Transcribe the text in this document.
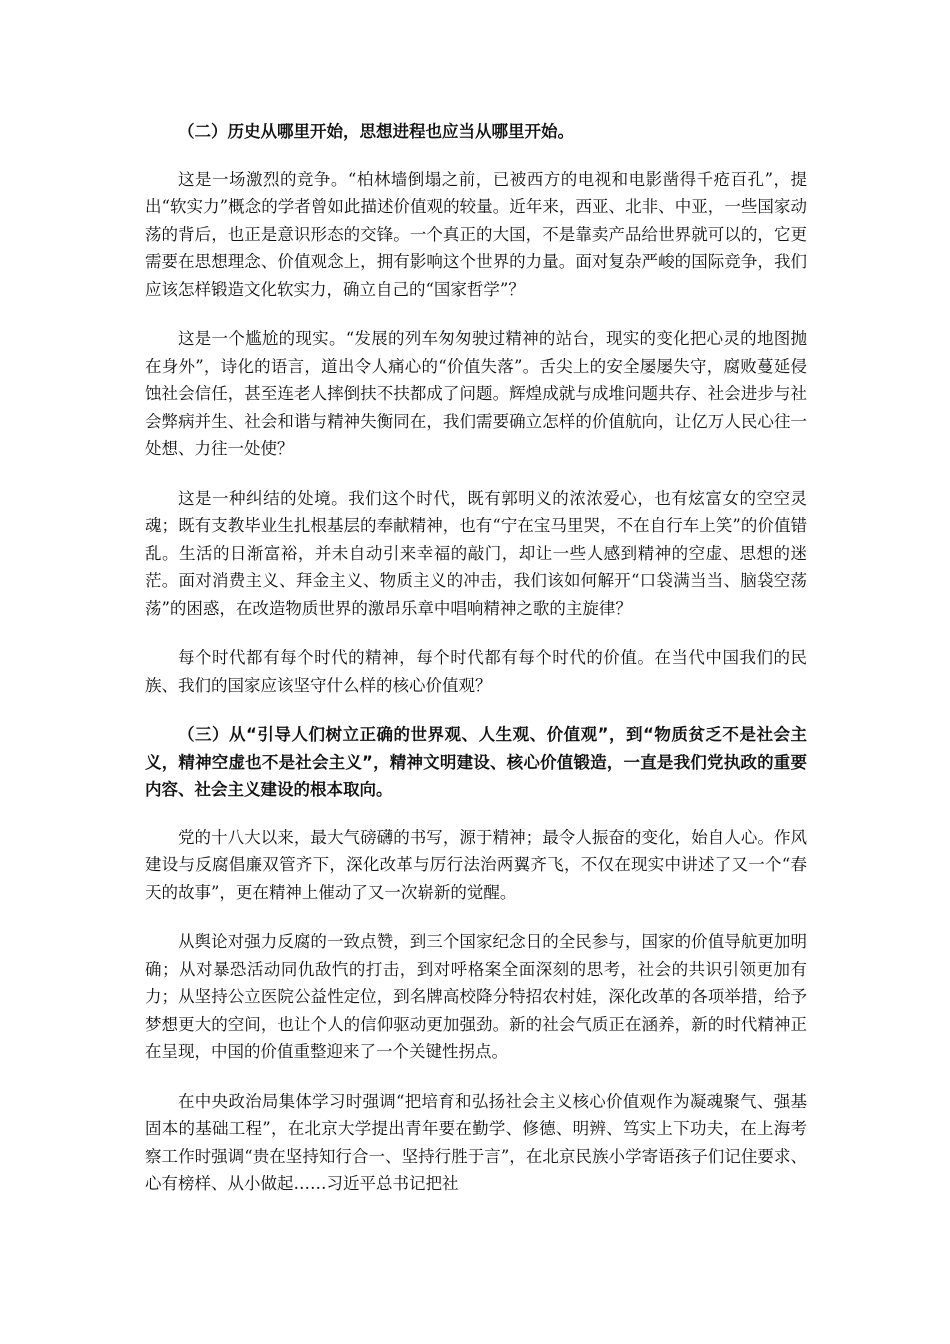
（二）历史从哪里开始，思想进程也应当从哪里开始。

这是一场激烈的竞争。“柏林墙倒塌之前，已被西方的电视和电影凿得千疮百孔”，提出“软实力”概念的学者曾如此描述价值观的较量。近年来，西亚、北非、中亚，一些国家动荡的背后，也正是意识形态的交锋。一个真正的大国，不是靠卖产品给世界就可以的，它更需要在思想理念、价值观念上，拥有影响这个世界的力量。面对复杂严峻的国际竞争，我们应该怎样锻造文化软实力，确立自己的“国家哲学”？

这是一个尴尬的现实。“发展的列车匆匆驶过精神的站台，现实的变化把心灵的地图抛在身外”，诗化的语言，道出令人痛心的“价值失落”。舌尖上的安全屡屡失守，腐败蔓延侵蚀社会信任，甚至连老人摔倒扶不扶都成了问题。辉煌成就与成堆问题共存、社会进步与社会弊病并生、社会和谐与精神失衡同在，我们需要确立怎样的价值航向，让亿万人民心往一处想、力往一处使？

这是一种纠结的处境。我们这个时代，既有郭明义的浓浓爱心，也有炫富女的空空灵魂；既有支教毕业生扎根基层的奉献精神，也有“宁在宝马里哭，不在自行车上笑”的价值错乱。生活的日渐富裕，并未自动引来幸福的敲门，却让一些人感到精神的空虚、思想的迷茫。面对消费主义、拜金主义、物质主义的冲击，我们该如何解开“口袋满当当、脑袋空荡荡”的困惑，在改造物质世界的激昂乐章中唱响精神之歌的主旋律？

每个时代都有每个时代的精神，每个时代都有每个时代的价值。在当代中国我们的民族、我们的国家应该坚守什么样的核心价值观？

（三）从“引导人们树立正确的世界观、人生观、价值观”，到“物质贫乏不是社会主义，精神空虚也不是社会主义”，精神文明建设、核心价值锻造，一直是我们党执政的重要内容、社会主义建设的根本取向。

党的十八大以来，最大气磅礴的书写，源于精神；最令人振奋的变化，始自人心。作风建设与反腐倡廉双管齐下，深化改革与厉行法治两翼齐飞，不仅在现实中讲述了又一个“春天的故事”，更在精神上催动了又一次崭新的觉醒。

从舆论对强力反腐的一致点赞，到三个国家纪念日的全民参与，国家的价值导航更加明确；从对暴恐活动同仇敌忾的打击，到对呼格案全面深刻的思考，社会的共识引领更加有力；从坚持公立医院公益性定位，到名牌高校降分特招农村娃，深化改革的各项举措，给予梦想更大的空间，也让个人的信仰驱动更加强劲。新的社会气质正在涵养，新的时代精神正在呈现，中国的价值重整迎来了一个关键性拐点。

在中央政治局集体学习时强调“把培育和弘扬社会主义核心价值观作为凝魂聚气、强基固本的基础工程”，在北京大学提出青年要在勤学、修德、明辨、笃实上下功夫，在上海考察工作时强调“贵在坚持知行合一、坚持行胜于言”，在北京民族小学寄语孩子们记住要求、心有榜样、从小做起……习近平总书记把社
